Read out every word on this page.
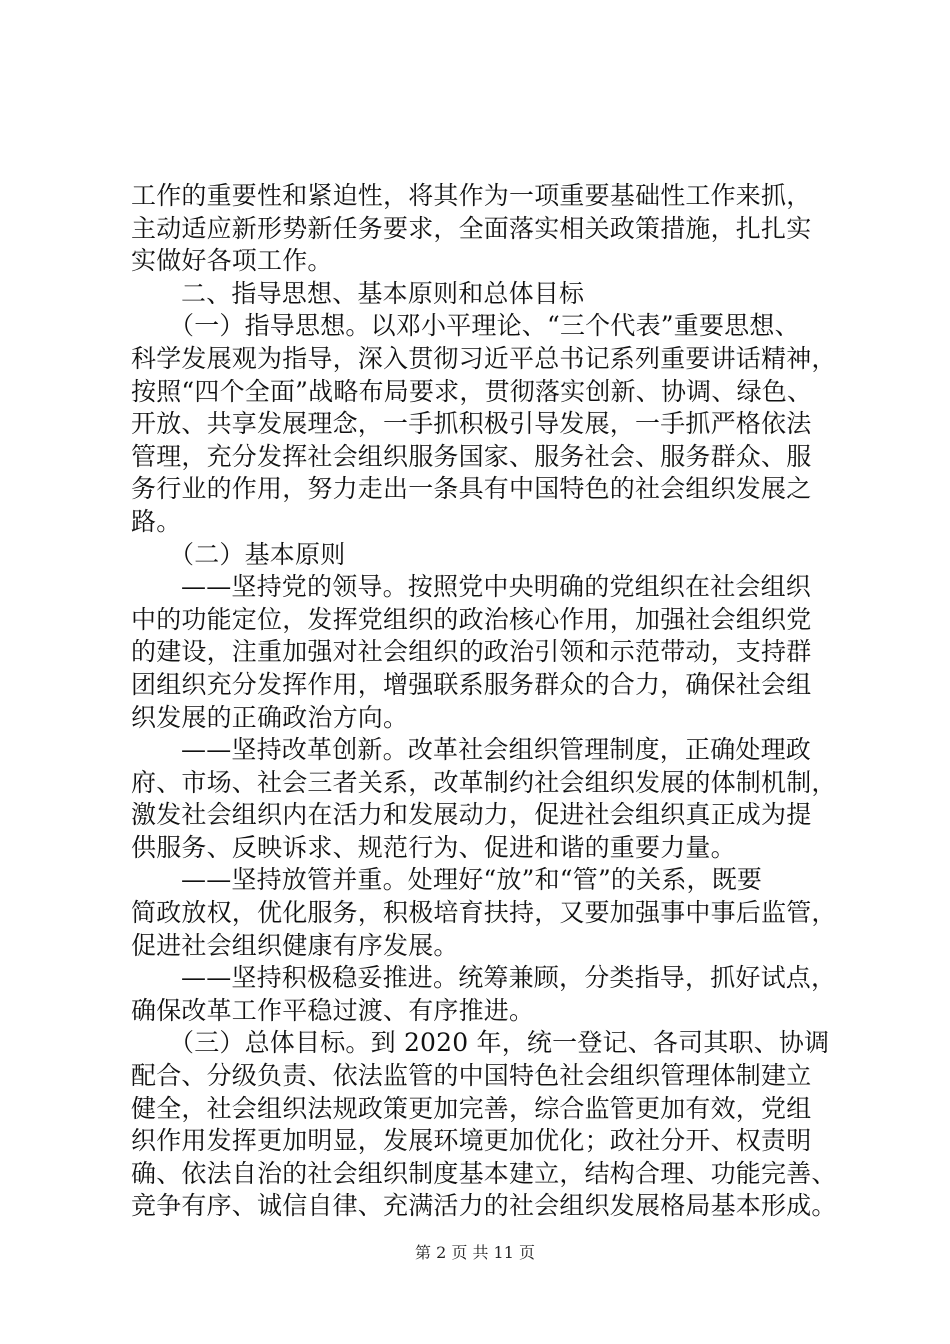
工作的重要性和紧迫性，将其作为一项重要基础性工作来抓，
主动适应新形势新任务要求，全面落实相关政策措施，扎扎实
实做好各项工作。
二、指导思想、基本原则和总体目标
（一）指导思想。以邓小平理论、“三个代表”重要思想、
科学发展观为指导，深入贯彻习近平总书记系列重要讲话精神，
按照“四个全面”战略布局要求，贯彻落实创新、协调、绿色、
开放、共享发展理念，一手抓积极引导发展，一手抓严格依法
管理，充分发挥社会组织服务国家、服务社会、服务群众、服
务行业的作用，努力走出一条具有中国特色的社会组织发展之
路。
（二）基本原则
——坚持党的领导。按照党中央明确的党组织在社会组织
中的功能定位，发挥党组织的政治核心作用，加强社会组织党
的建设，注重加强对社会组织的政治引领和示范带动，支持群
团组织充分发挥作用，增强联系服务群众的合力，确保社会组
织发展的正确政治方向。
——坚持改革创新。改革社会组织管理制度，正确处理政
府、市场、社会三者关系，改革制约社会组织发展的体制机制，
激发社会组织内在活力和发展动力，促进社会组织真正成为提
供服务、反映诉求、规范行为、促进和谐的重要力量。
——坚持放管并重。处理好“放”和“管”的关系，既要
简政放权，优化服务，积极培育扶持，又要加强事中事后监管，
促进社会组织健康有序发展。
——坚持积极稳妥推进。统筹兼顾，分类指导，抓好试点，
确保改革工作平稳过渡、有序推进。
（三）总体目标。到 2020 年，统一登记、各司其职、协调
配合、分级负责、依法监管的中国特色社会组织管理体制建立
健全，社会组织法规政策更加完善，综合监管更加有效，党组
织作用发挥更加明显，发展环境更加优化；政社分开、权责明
确、依法自治的社会组织制度基本建立，结构合理、功能完善、
竞争有序、诚信自律、充满活力的社会组织发展格局基本形成。
第 2 页 共 11 页
